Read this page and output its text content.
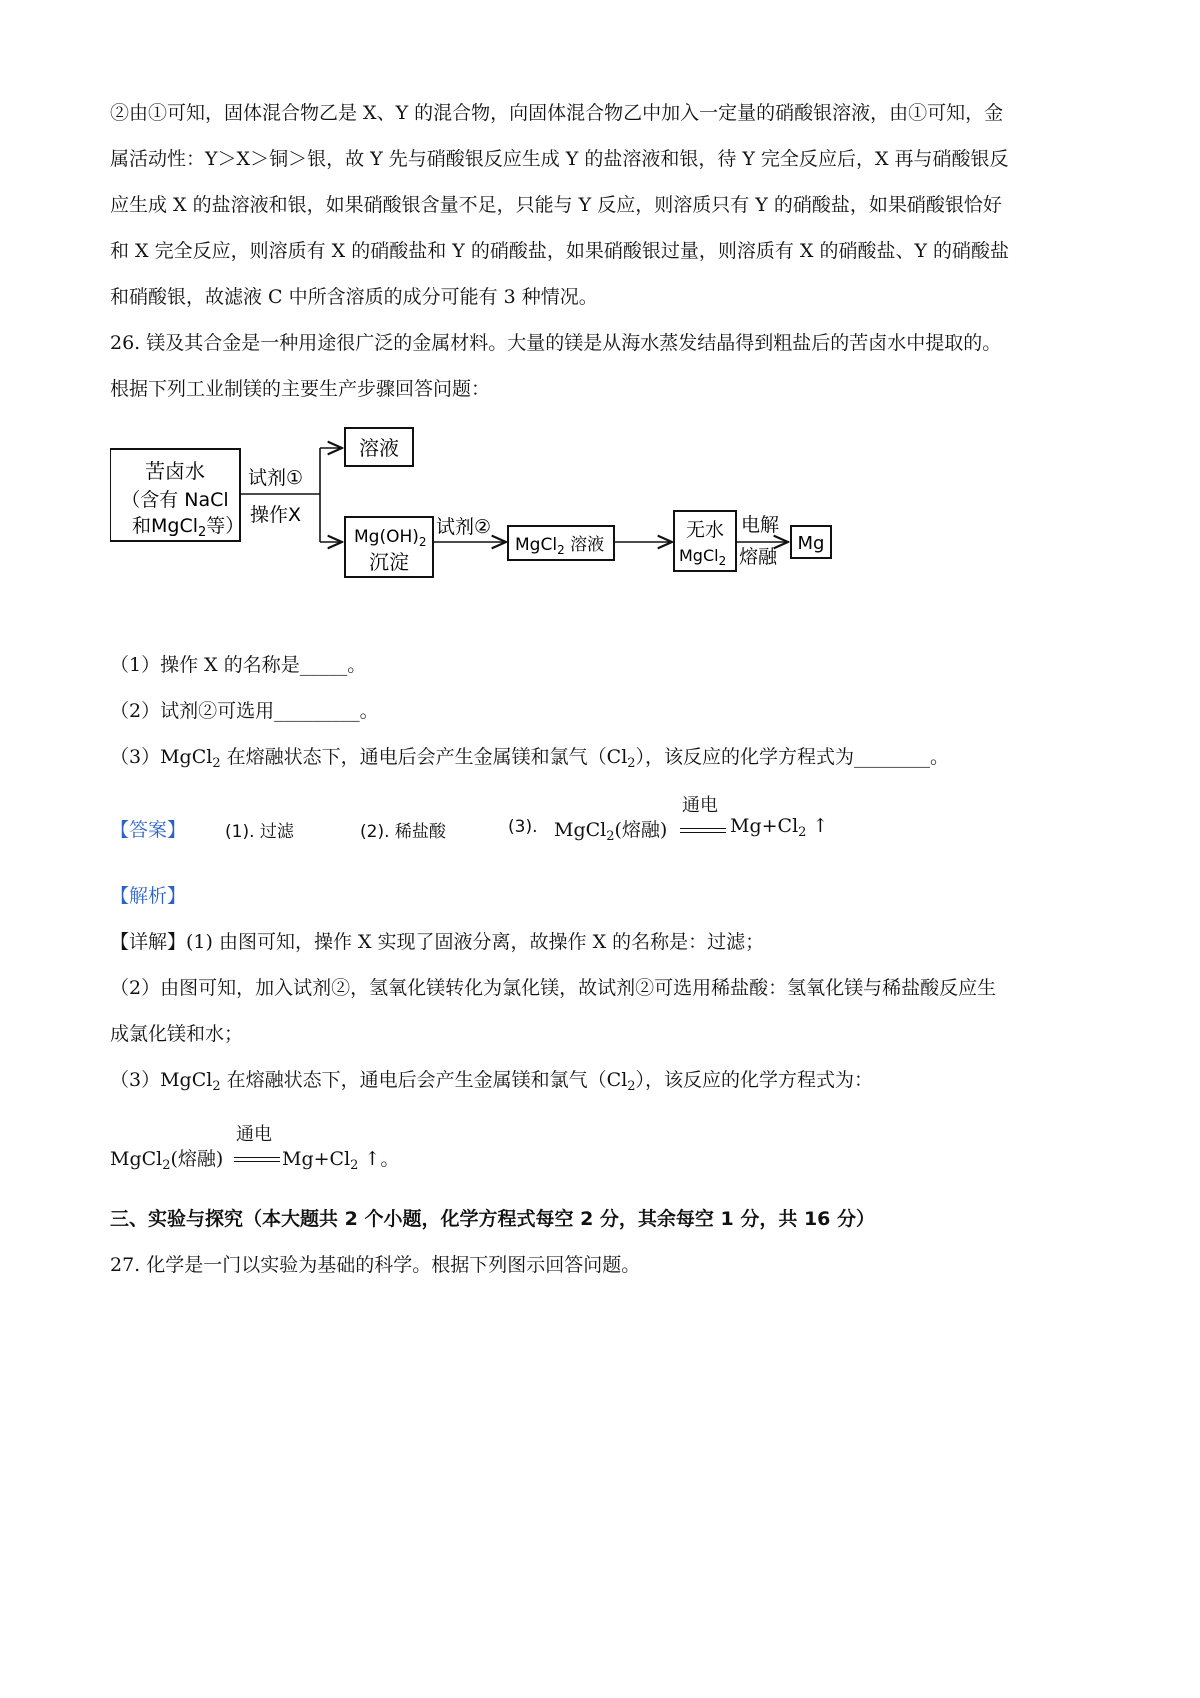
②由①可知，固体混合物乙是 X、Y 的混合物，向固体混合物乙中加入一定量的硝酸银溶液，由①可知，金

属活动性：Y＞X＞铜＞银，故 Y 先与硝酸银反应生成 Y 的盐溶液和银，待 Y 完全反应后，X 再与硝酸银反

应生成 X 的盐溶液和银，如果硝酸银含量不足，只能与 Y 反应，则溶质只有 Y 的硝酸盐，如果硝酸银恰好

和 X 完全反应，则溶质有 X 的硝酸盐和 Y 的硝酸盐，如果硝酸银过量，则溶质有 X 的硝酸盐、Y 的硝酸盐

和硝酸银，故滤液 C 中所含溶质的成分可能有 3 种情况。

26. 镁及其合金是一种用途很广泛的金属材料。大量的镁是从海水蒸发结晶得到粗盐后的苦卤水中提取的。

根据下列工业制镁的主要生产步骤回答问题：

苦卤水
（含有 NaCl
和MgCl$_2$等）
试剂①
操作X
溶液
$Mg(OH)_2$
沉淀
试剂②
MgCl$_2$ 溶液
无水
MgCl$_2$
电解
熔融
Mg

（1）操作 X 的名称是_____。

（2）试剂②可选用_________。

（3）MgCl$_2$ 在熔融状态下，通电后会产生金属镁和氯气$(Cl_2)$，该反应的化学方程式为________。

【答案】 (1). 过滤	(2). 稀盐酸	(3). MgCl$_2$(熔融)
通电
$Mg+Cl_2$ ↑

【解析】

【详解】(1) 由图可知，操作 X 实现了固液分离，故操作 X 的名称是：过滤；

（2）由图可知，加入试剂②，氢氧化镁转化为氯化镁，故试剂②可选用稀盐酸：氢氧化镁与稀盐酸反应生

成氯化镁和水；

（3）MgCl$_2$ 在熔融状态下，通电后会产生金属镁和氯气$(Cl_2)$，该反应的化学方程式为：

MgCl$_2$(熔融)
通电
$Mg+Cl_2$ ↑。

三、实验与探究（本大题共 2 个小题，化学方程式每空 2 分，其余每空 1 分，共 16 分）

27. 化学是一门以实验为基础的科学。根据下列图示回答问题。
